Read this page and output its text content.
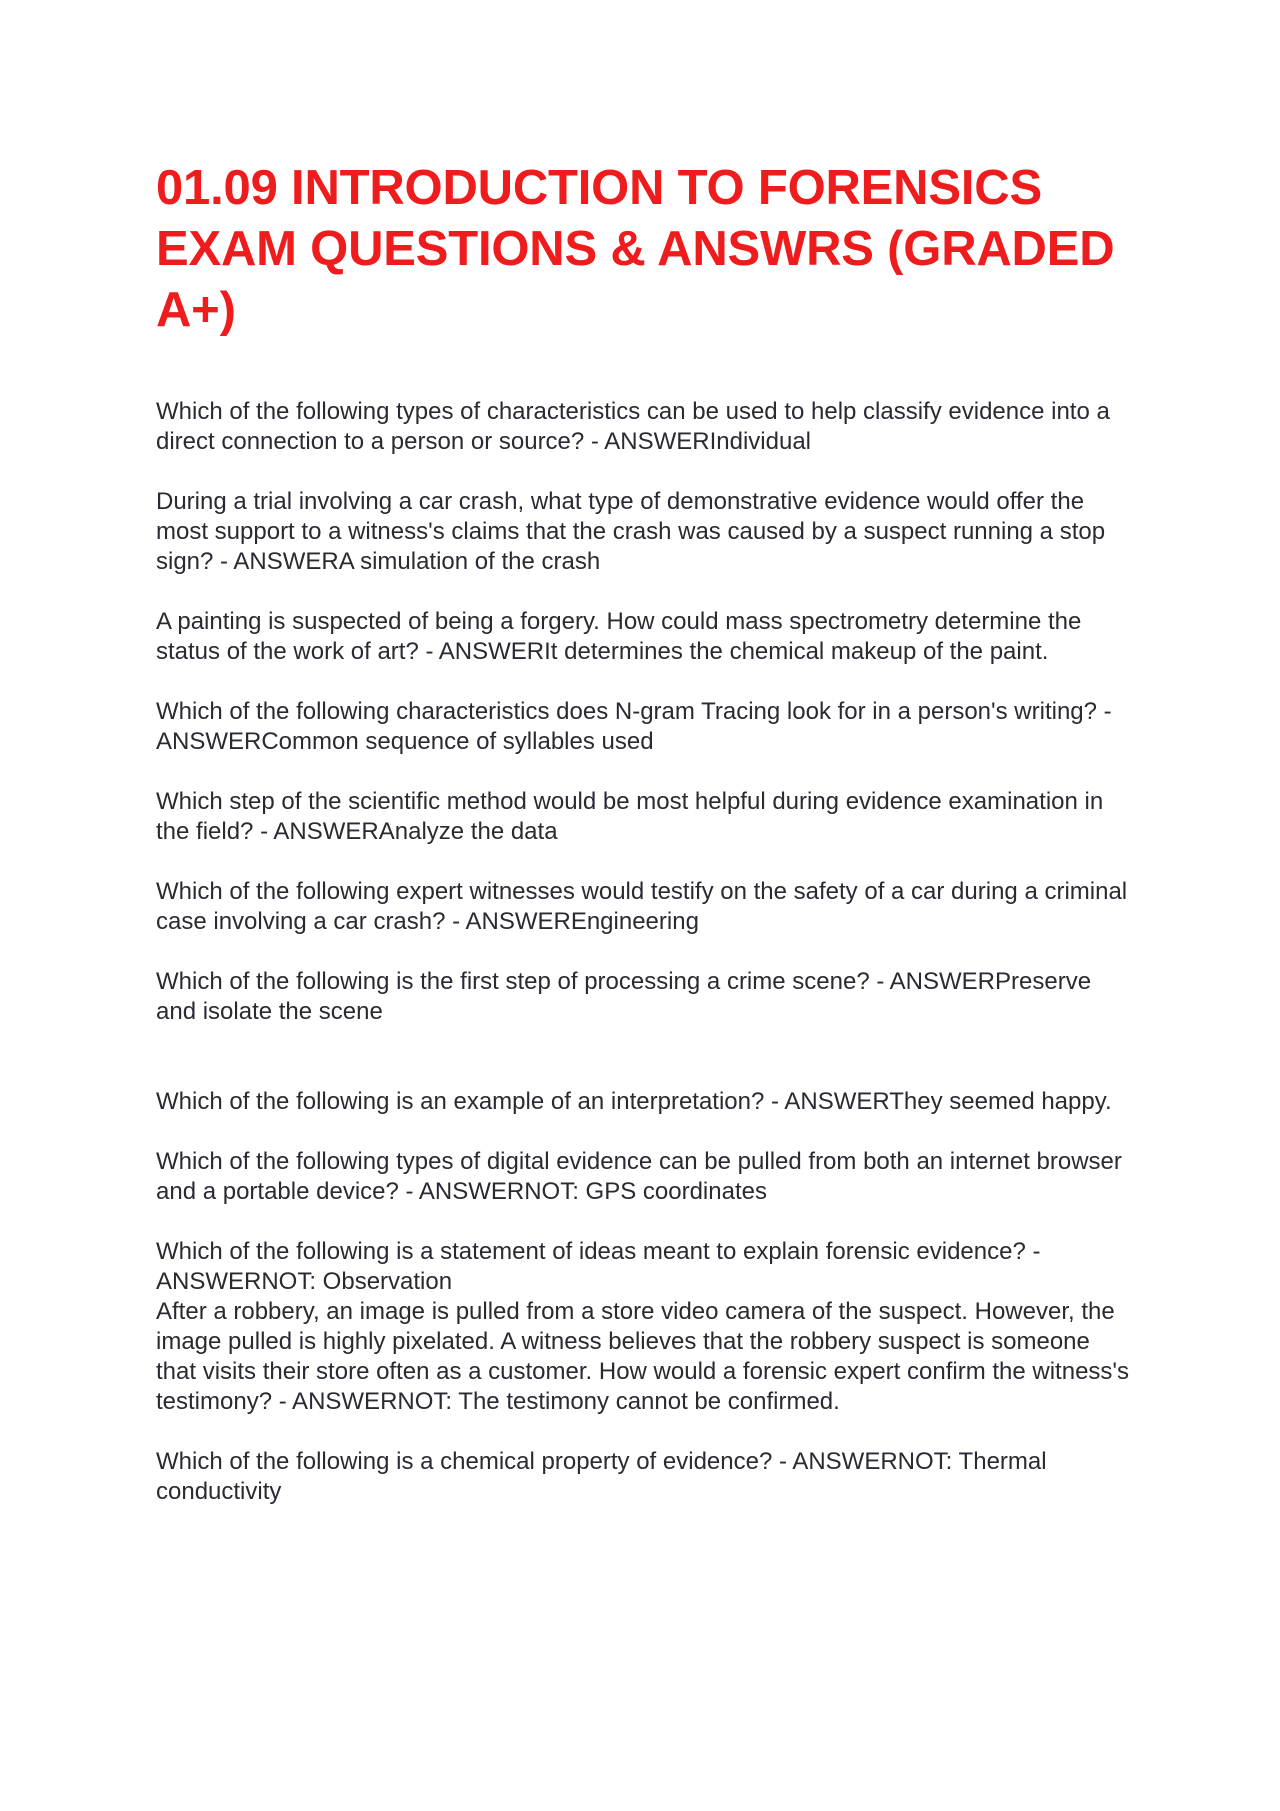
01.09 INTRODUCTION TO FORENSICS EXAM QUESTIONS & ANSWRS (GRADED A+)

Which of the following types of characteristics can be used to help classify evidence into a direct connection to a person or source? - ANSWERIndividual

During a trial involving a car crash, what type of demonstrative evidence would offer the most support to a witness's claims that the crash was caused by a suspect running a stop sign? - ANSWERA simulation of the crash

A painting is suspected of being a forgery. How could mass spectrometry determine the status of the work of art? - ANSWERIt determines the chemical makeup of the paint.

Which of the following characteristics does N-gram Tracing look for in a person's writing? - ANSWERCommon sequence of syllables used

Which step of the scientific method would be most helpful during evidence examination in the field? - ANSWERAnalyze the data

Which of the following expert witnesses would testify on the safety of a car during a criminal case involving a car crash? - ANSWEREngineering

Which of the following is the first step of processing a crime scene? - ANSWERPreserve and isolate the scene

Which of the following is an example of an interpretation? - ANSWERThey seemed happy.

Which of the following types of digital evidence can be pulled from both an internet browser and a portable device? - ANSWERNOT: GPS coordinates

Which of the following is a statement of ideas meant to explain forensic evidence? - ANSWERNOT: Observation

After a robbery, an image is pulled from a store video camera of the suspect. However, the image pulled is highly pixelated. A witness believes that the robbery suspect is someone that visits their store often as a customer. How would a forensic expert confirm the witness's testimony? - ANSWERNOT: The testimony cannot be confirmed.

Which of the following is a chemical property of evidence? - ANSWERNOT: Thermal conductivity
